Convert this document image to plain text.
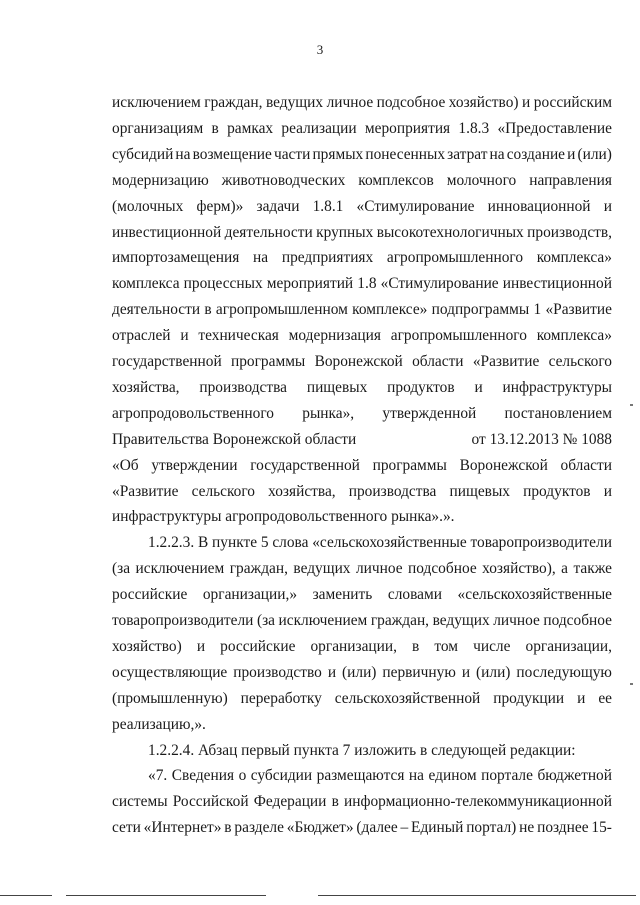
3
исключением граждан, ведущих личное подсобное хозяйство) и российским
организациям в рамках реализации мероприятия 1.8.3 «Предоставление
субсидий на возмещение части прямых понесенных затрат на создание и (или)
модернизацию животноводческих комплексов молочного направления
(молочных ферм)» задачи 1.8.1 «Стимулирование инновационной и
инвестиционной деятельности крупных высокотехнологичных производств,
импортозамещения на предприятиях агропромышленного комплекса»
комплекса процессных мероприятий 1.8 «Стимулирование инвестиционной
деятельности в агропромышленном комплексе» подпрограммы 1 «Развитие
отраслей и техническая модернизация агропромышленного комплекса»
государственной программы Воронежской области «Развитие сельского
хозяйства, производства пищевых продуктов и инфраструктуры
агропродовольственного рынка», утвержденной постановлением
Правительства Воронежской области	от 13.12.2013 № 1088
«Об утверждении государственной программы Воронежской области
«Развитие сельского хозяйства, производства пищевых продуктов и
инфраструктуры агропродовольственного рынка».».
1.2.2.3. В пункте 5 слова «сельскохозяйственные товаропроизводители
(за исключением граждан, ведущих личное подсобное хозяйство), а также
российские организации,» заменить словами «сельскохозяйственные
товаропроизводители (за исключением граждан, ведущих личное подсобное
хозяйство) и российские организации, в том числе организации,
осуществляющие производство и (или) первичную и (или) последующую
(промышленную) переработку сельскохозяйственной продукции и ее
реализацию,».
1.2.2.4. Абзац первый пункта 7 изложить в следующей редакции:
«7. Сведения о субсидии размещаются на едином портале бюджетной
системы Российской Федерации в информационно-телекоммуникационной
сети «Интернет» в разделе «Бюджет» (далее – Единый портал) не позднее 15-
